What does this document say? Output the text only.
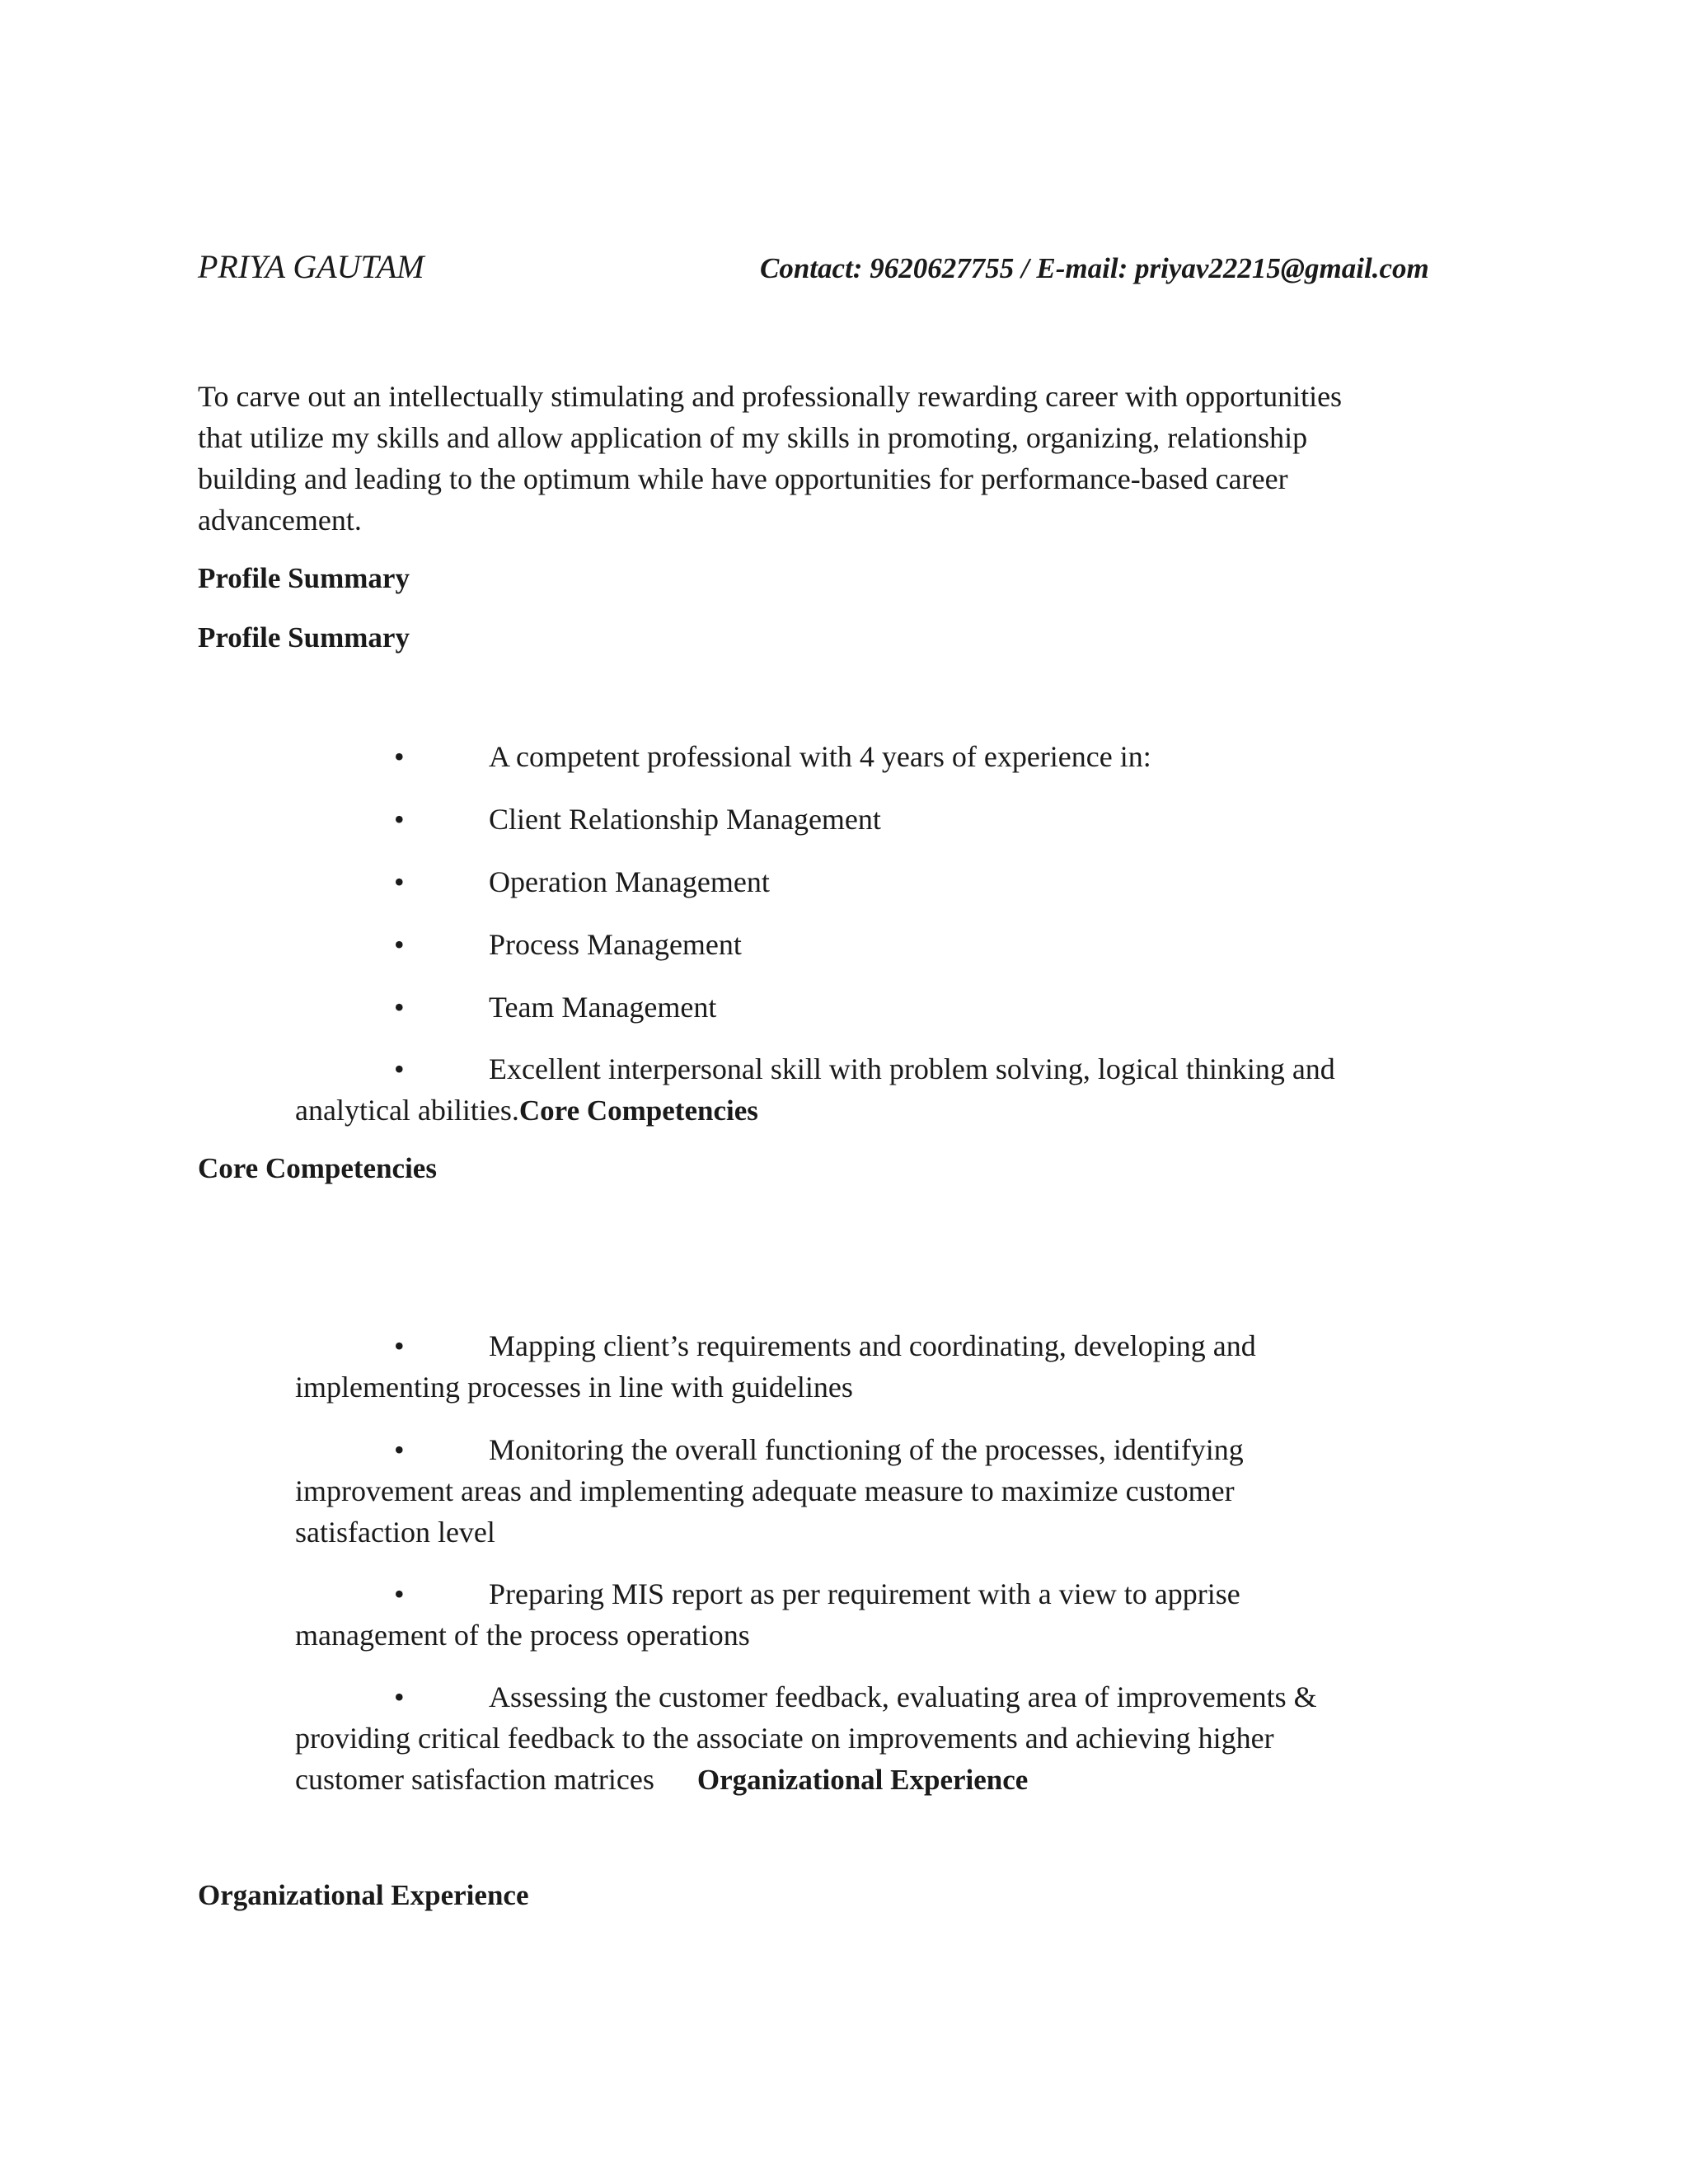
PRIYA GAUTAM	Contact: 9620627755 / E-mail: priyav22215@gmail.com

To carve out an intellectually stimulating and professionally rewarding career with opportunities

that utilize my skills and allow application of my skills in promoting, organizing, relationship

building and leading to the optimum while have opportunities for performance-based career

advancement.

Profile Summary
Profile Summary
•	A competent professional with 4 years of experience in:
•	Client Relationship Management
•	Operation Management
•	Process Management
•	Team Management
•	Excellent interpersonal skill with problem solving, logical thinking and
analytical abilities.Core Competencies
Core Competencies
•	Mapping client’s requirements and coordinating, developing and

implementing processes in line with guidelines

•	Monitoring the overall functioning of the processes, identifying

improvement areas and implementing adequate measure to maximize customer

satisfaction level

•	Preparing MIS report as per requirement with a view to apprise

management of the process operations

•	Assessing the customer feedback, evaluating area of improvements &

providing critical feedback to the associate on improvements and achieving higher

customer satisfaction matrices Organizational Experience

Organizational Experience
